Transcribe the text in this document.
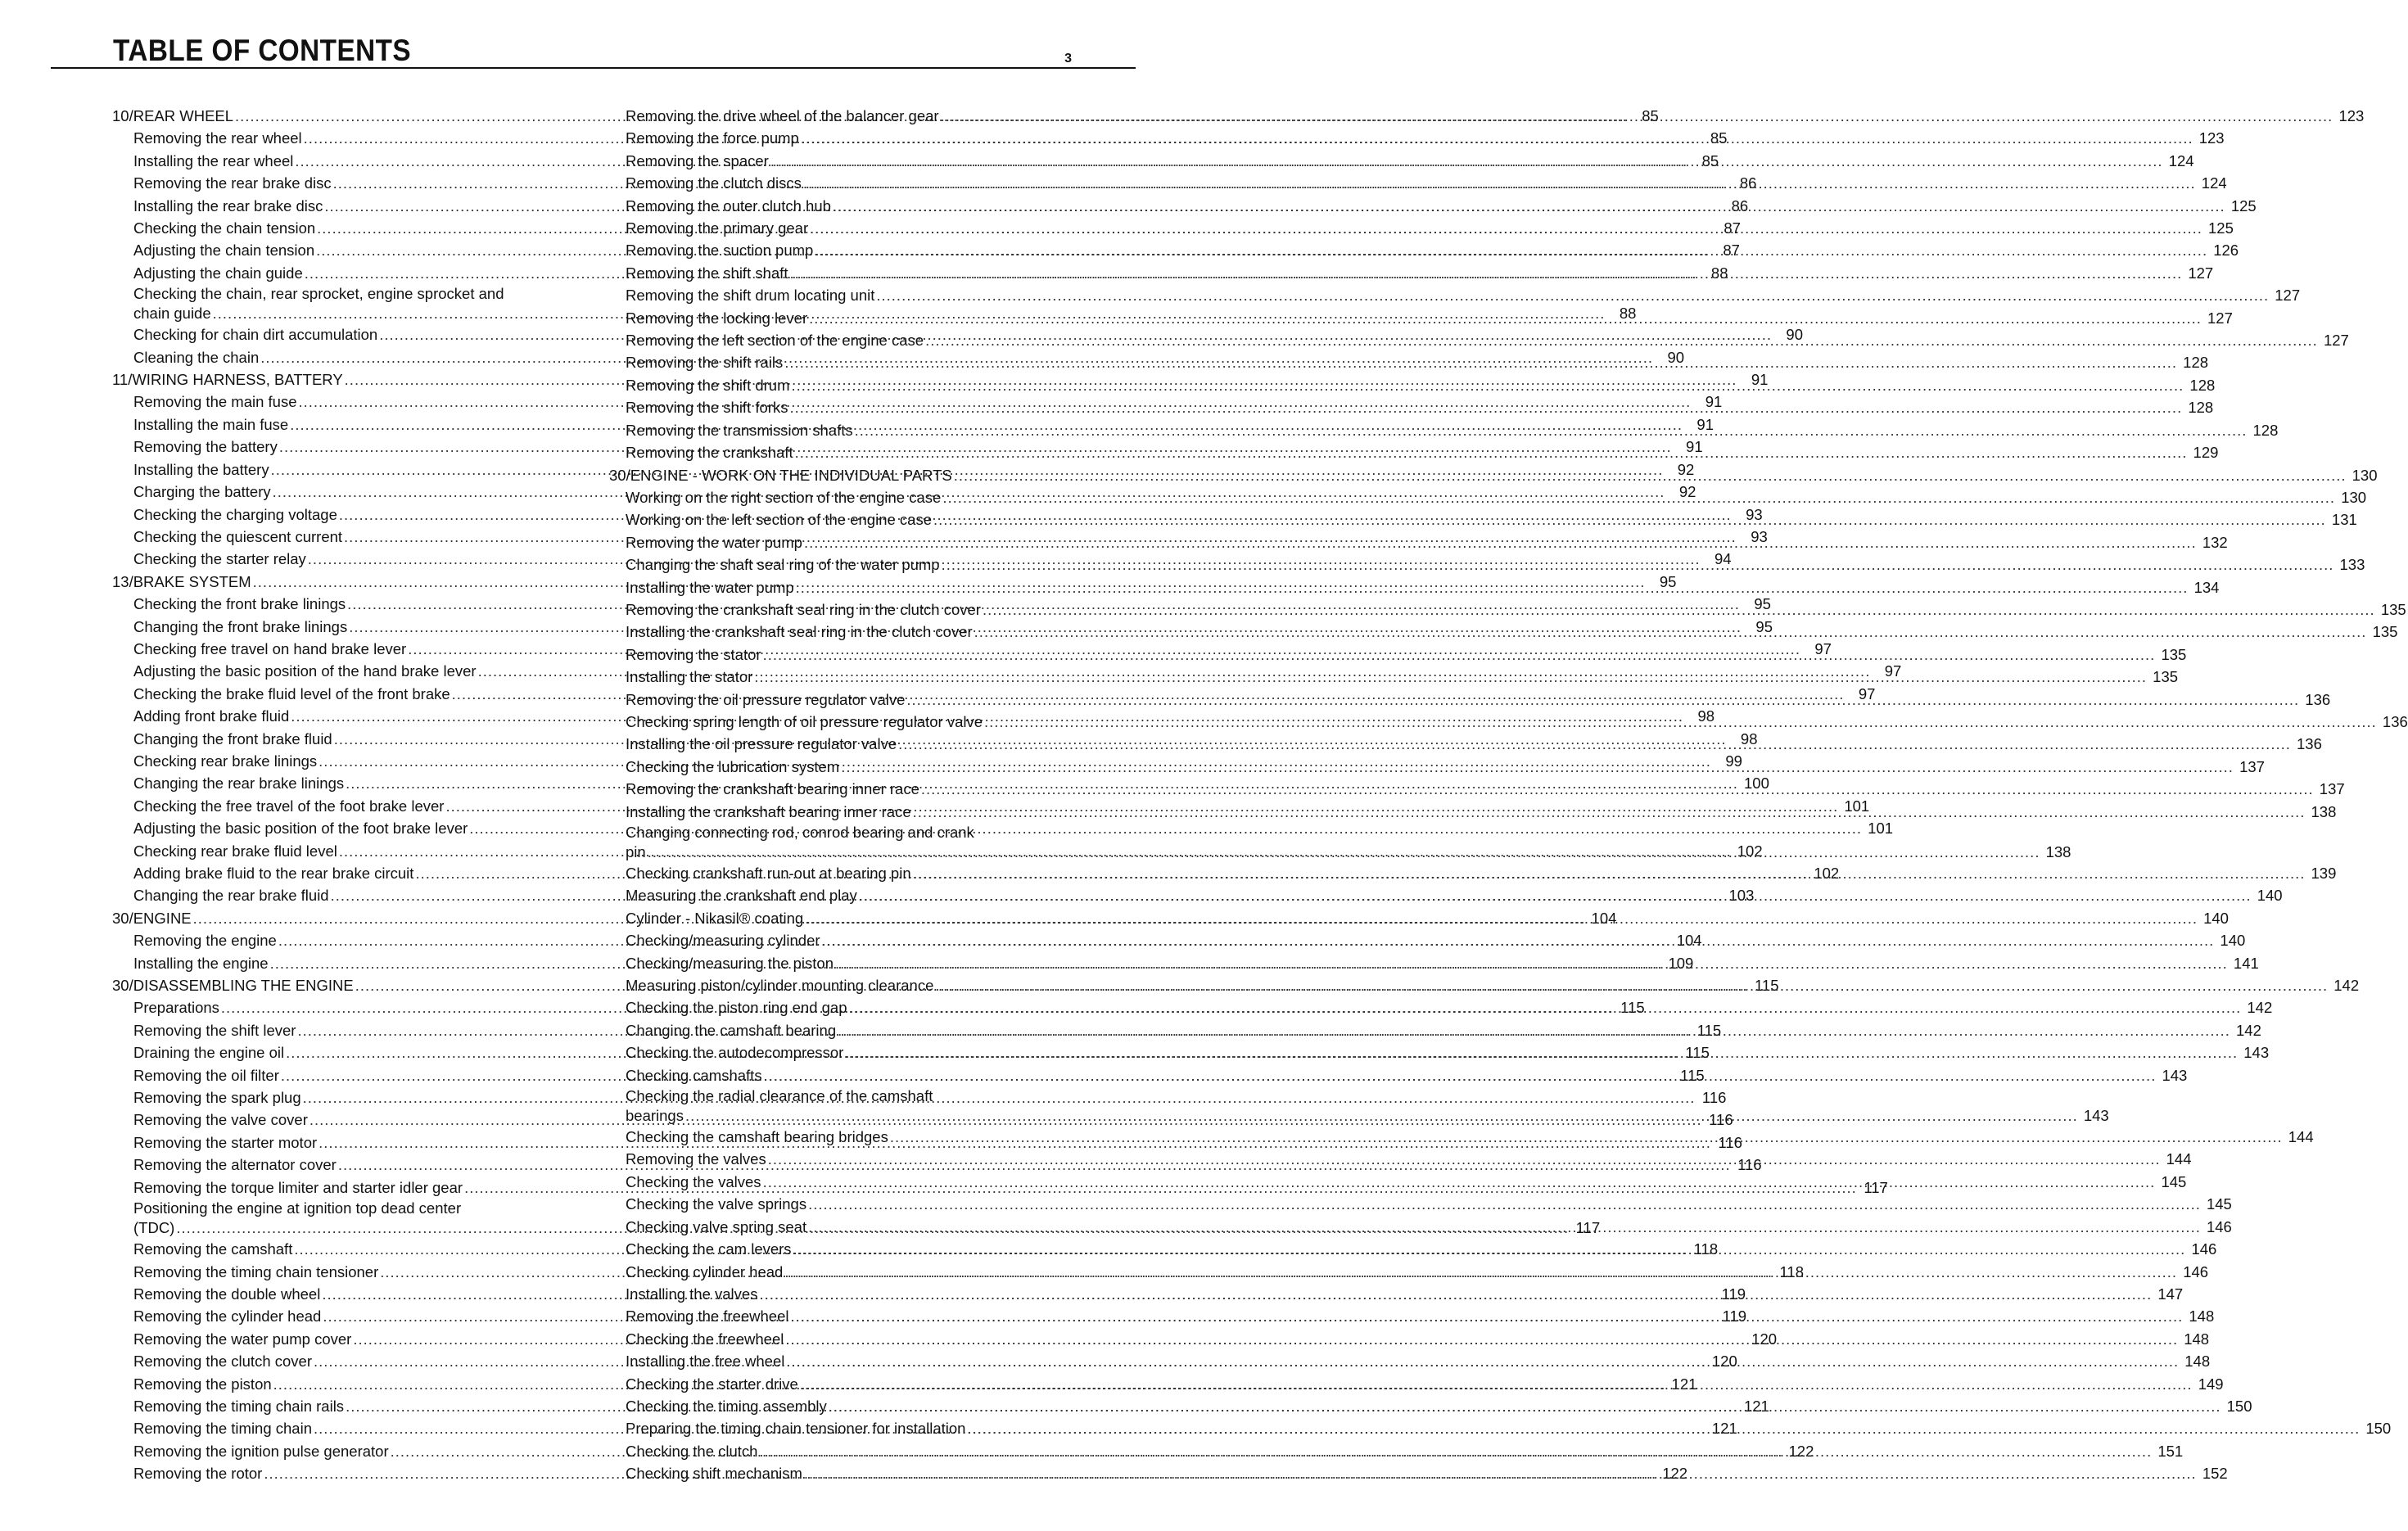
TABLE OF CONTENTS	3
10/REAR WHEEL .....	85
Removing the rear wheel .....	85
Installing the rear wheel .....	85
Removing the rear brake disc .....	86
Installing the rear brake disc .....	86
Checking the chain tension .....	87
Adjusting the chain tension .....	87
Adjusting the chain guide .....	88
Checking the chain, rear sprocket, engine sprocket and
chain guide .....	88
Checking for chain dirt accumulation .....	90
Cleaning the chain .....	90
11/WIRING HARNESS, BATTERY .....	91
Removing the main fuse .....	91
Installing the main fuse .....	91
Removing the battery .....	91
Installing the battery .....	92
Charging the battery .....	92
Checking the charging voltage .....	93
Checking the quiescent current .....	93
Checking the starter relay .....	94
13/BRAKE SYSTEM .....	95
Checking the front brake linings .....	95
Changing the front brake linings .....	95
Checking free travel on hand brake lever .....	97
Adjusting the basic position of the hand brake lever .....	97
Checking the brake fluid level of the front brake .....	97
Adding front brake fluid .....	98
Changing the front brake fluid .....	98
Checking rear brake linings .....	99
Changing the rear brake linings .....	100
Checking the free travel of the foot brake lever .....	101
Adjusting the basic position of the foot brake lever .....	101
Checking rear brake fluid level .....	102
Adding brake fluid to the rear brake circuit .....	102
Changing the rear brake fluid .....	103
30/ENGINE .....	104
Removing the engine .....	104
Installing the engine .....	109
30/DISASSEMBLING THE ENGINE .....	115
Preparations .....	115
Removing the shift lever .....	115
Draining the engine oil .....	115
Removing the oil filter .....	115
Removing the spark plug .....	116
Removing the valve cover .....	116
Removing the starter motor .....	116
Removing the alternator cover .....	116
Removing the torque limiter and starter idler gear .....	117
Positioning the engine at ignition top dead center
(TDC) .....	117
Removing the camshaft .....	118
Removing the timing chain tensioner .....	118
Removing the double wheel .....	119
Removing the cylinder head .....	119
Removing the water pump cover .....	120
Removing the clutch cover .....	120
Removing the piston .....	121
Removing the timing chain rails .....	121
Removing the timing chain .....	121
Removing the ignition pulse generator .....	122
Removing the rotor .....	122
Removing the drive wheel of the balancer gear .....	123
Removing the force pump .....	123
Removing the spacer .....	124
Removing the clutch discs .....	124
Removing the outer clutch hub .....	125
Removing the primary gear .....	125
Removing the suction pump .....	126
Removing the shift shaft .....	127
Removing the shift drum locating unit .....	127
Removing the locking lever .....	127
Removing the left section of the engine case .....	127
Removing the shift rails .....	128
Removing the shift drum .....	128
Removing the shift forks .....	128
Removing the transmission shafts .....	128
Removing the crankshaft .....	129
30/ENGINE - WORK ON THE INDIVIDUAL PARTS .....	130
Working on the right section of the engine case .....	130
Working on the left section of the engine case .....	131
Removing the water pump .....	132
Changing the shaft seal ring of the water pump .....	133
Installing the water pump .....	134
Removing the crankshaft seal ring in the clutch cover .....	135
Installing the crankshaft seal ring in the clutch cover .....	135
Removing the stator .....	135
Installing the stator .....	135
Removing the oil pressure regulator valve .....	136
Checking spring length of oil pressure regulator valve .....	136
Installing the oil pressure regulator valve .....	136
Checking the lubrication system .....	137
Removing the crankshaft bearing inner race .....	137
Installing the crankshaft bearing inner race .....	138
Changing connecting rod, conrod bearing and crank
pin .....	138
Checking crankshaft run-out at bearing pin .....	139
Measuring the crankshaft end play .....	140
Cylinder - Nikasil® coating .....	140
Checking/measuring cylinder .....	140
Checking/measuring the piston .....	141
Measuring piston/cylinder mounting clearance .....	142
Checking the piston ring end gap .....	142
Changing the camshaft bearing .....	142
Checking the autodecompressor .....	143
Checking camshafts .....	143
Checking the radial clearance of the camshaft
bearings .....	143
Checking the camshaft bearing bridges .....	144
Removing the valves .....	144
Checking the valves .....	145
Checking the valve springs .....	145
Checking valve spring seat .....	146
Checking the cam levers .....	146
Checking cylinder head .....	146
Installing the valves .....	147
Removing the freewheel .....	148
Checking the freewheel .....	148
Installing the free wheel .....	148
Checking the starter drive .....	149
Checking the timing assembly .....	150
Preparing the timing chain tensioner for installation .....	150
Checking the clutch .....	151
Checking shift mechanism .....	152
